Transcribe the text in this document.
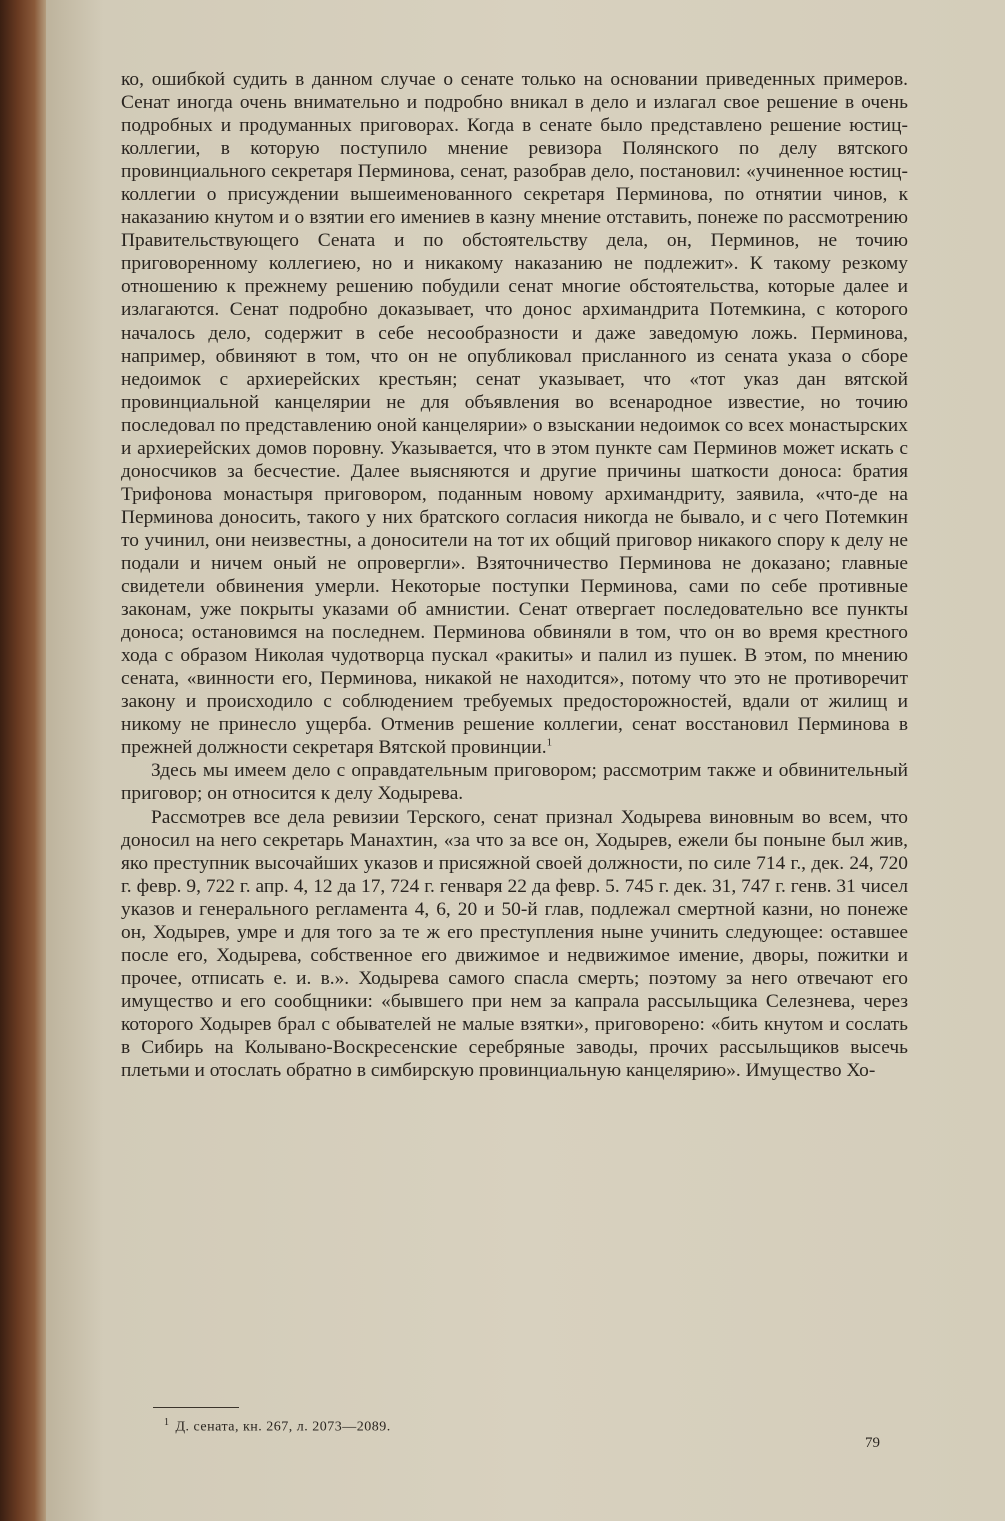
ко, ошибкой судить в данном случае о сенате только на основании приведенных примеров. Сенат иногда очень внимательно и подробно вникал в дело и излагал свое решение в очень подробных и продуманных приговорах. Когда в сенате было представлено решение юстиц-коллегии, в которую поступило мнение ревизора Полянского по делу вятского провинциального секретаря Перминова, сенат, разобрав дело, постановил: «учиненное юстиц-коллегии о присуждении вышеименованного секретаря Перминова, по отнятии чинов, к наказанию кнутом и о взятии его имениев в казну мнение отставить, понеже по рассмотрению Правительствующего Сената и по обстоятельству дела, он, Перминов, не точию приговоренному коллегиею, но и никакому наказанию не подлежит». К такому резкому отношению к прежнему решению побудили сенат многие обстоятельства, которые далее и излагаются. Сенат подробно доказывает, что донос архимандрита Потемкина, с которого началось дело, содержит в себе несообразности и даже заведомую ложь. Перминова, например, обвиняют в том, что он не опубликовал присланного из сената указа о сборе недоимок с архиерейских крестьян; сенат указывает, что «тот указ дан вятской провинциальной канцелярии не для объявления во всенародное известие, но точию последовал по представлению оной канцелярии» о взыскании недоимок со всех монастырских и архиерейских домов поровну. Указывается, что в этом пункте сам Перминов может искать с доносчиков за бесчестие. Далее выясняются и другие причины шаткости доноса: братия Трифонова монастыря приговором, поданным новому архимандриту, заявила, «что-де на Перминова доносить, такого у них братского согласия никогда не бывало, и с чего Потемкин то учинил, они неизвестны, а доносители на тот их общий приговор никакого спору к делу не подали и ничем оный не опровергли». Взяточничество Перминова не доказано; главные свидетели обвинения умерли. Некоторые поступки Перминова, сами по себе противные законам, уже покрыты указами об амнистии. Сенат отвергает последовательно все пункты доноса; остановимся на последнем. Перминова обвиняли в том, что он во время крестного хода с образом Николая чудотворца пускал «ракиты» и палил из пушек. В этом, по мнению сената, «винности его, Перминова, никакой не находится», потому что это не противоречит закону и происходило с соблюдением требуемых предосторожностей, вдали от жилищ и никому не принесло ущерба. Отменив решение коллегии, сенат восстановил Перминова в прежней должности секретаря Вятской провинции.$^1$

Здесь мы имеем дело с оправдательным приговором; рассмотрим также и обвинительный приговор; он относится к делу Ходырева.

Рассмотрев все дела ревизии Терского, сенат признал Ходырева виновным во всем, что доносил на него секретарь Манахтин, «за что за все он, Ходырев, ежели бы поныне был жив, яко преступник высочайших указов и присяжной своей должности, по силе 714 г., дек. 24, 720 г. февр. 9, 722 г. апр. 4, 12 да 17, 724 г. генваря 22 да февр. 5. 745 г. дек. 31, 747 г. генв. 31 чисел указов и генерального регламента 4, 6, 20 и 50-й глав, подлежал смертной казни, но понеже он, Ходырев, умре и для того за те ж его преступления ныне учинить следующее: оставшее после его, Ходырева, собственное его движимое и недвижимое имение, дворы, пожитки и прочее, отписать е. и. в.». Ходырева самого спасла смерть; поэтому за него отвечают его имущество и его сообщники: «бывшего при нем за капрала рассыльщика Селезнева, через которого Ходырев брал с обывателей не малые взятки», приговорено: «бить кнутом и сослать в Сибирь на Колывано-Воскресенские серебряные заводы, прочих рассыльщиков высечь плетьми и отослать обратно в симбирскую провинциальную канцелярию». Имуществo Хо-

$^1$ Д. сената, кн. 267, л. 2073—2089.
79
